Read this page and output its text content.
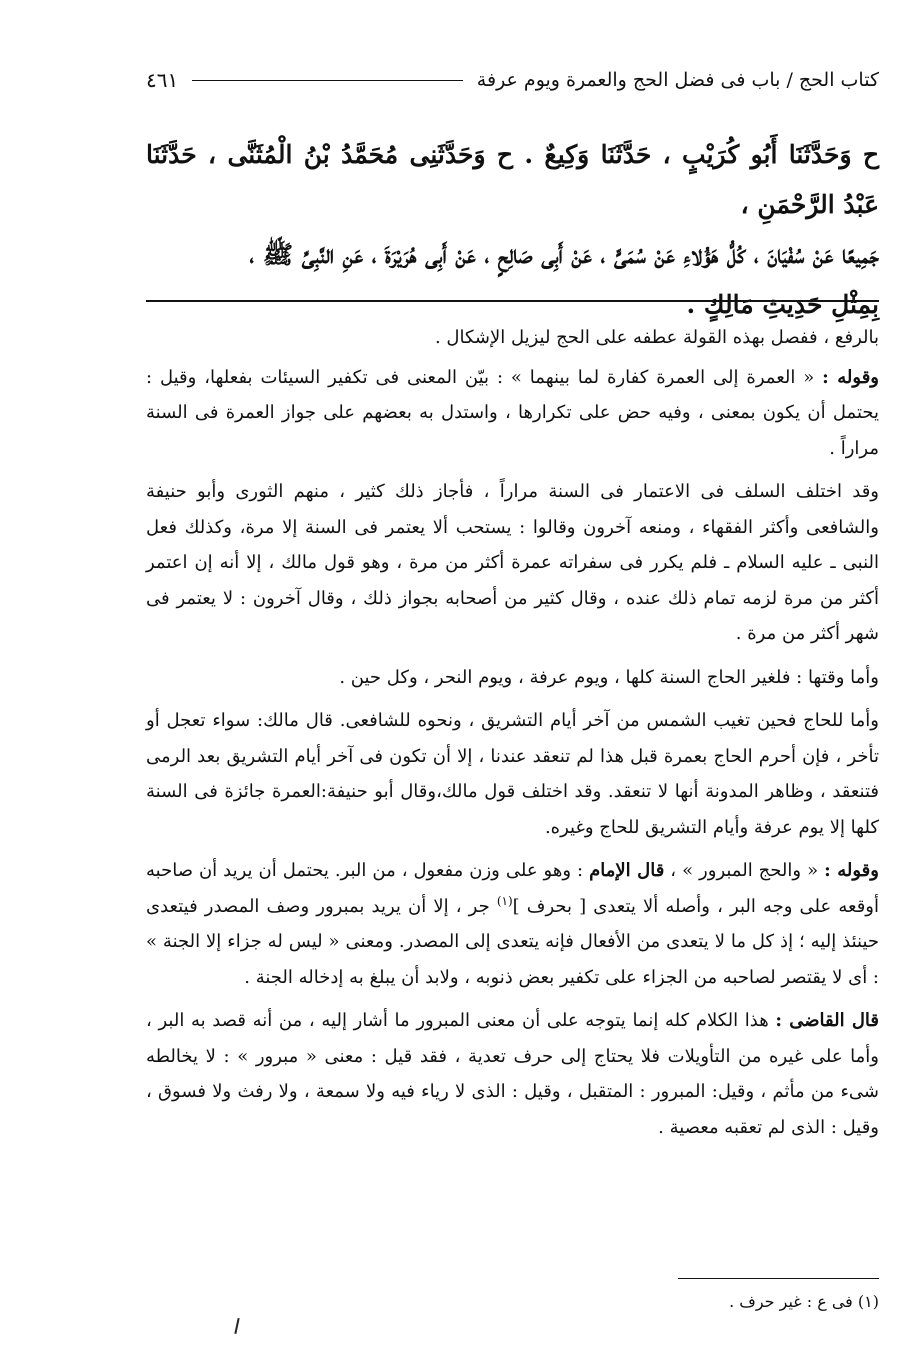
كتاب الحج / باب فى فضل الحج والعمرة ويوم عرفة
٤٦١

ح وَحَدَّثَنَا أَبُو كُرَيْبٍ ، حَدَّثَنَا وَكِيعٌ . ح وَحَدَّثَنِى مُحَمَّدُ بْنُ الْمُثَنَّى ، حَدَّثَنَا عَبْدُ الرَّحْمَنِ ،

جَمِيعًا عَنْ سُفْيَانَ ، كُلُّ هَؤُلاءِ عَنْ سُمَىٍّ ، عَنْ أَبِى صَالِحٍ ، عَنْ أَبِى هُرَيْرَةَ ، عَنِ النَّبِىِّ ﷺ ،

بِمِثْلِ حَدِيثِ مَالِكٍ .

بالرفع ، ففصل بهذه القولة عطفه على الحج ليزيل الإشكال .

وقوله : « العمرة إلى العمرة كفارة لما بينهما » : بيّن المعنى فى تكفير السيئات بفعلها، وقيل : يحتمل أن يكون بمعنى ، وفيه حض على تكرارها ، واستدل به بعضهم على جواز العمرة فى السنة مراراً .

وقد اختلف السلف فى الاعتمار فى السنة مراراً ، فأجاز ذلك كثير ، منهم الثورى وأبو حنيفة والشافعى وأكثر الفقهاء ، ومنعه آخرون وقالوا : يستحب ألا يعتمر فى السنة إلا مرة، وكذلك فعل النبى ـ عليه السلام ـ فلم يكرر فى سفراته عمرة أكثر من مرة ، وهو قول مالك ، إلا أنه إن اعتمر أكثر من مرة لزمه تمام ذلك عنده ، وقال كثير من أصحابه بجواز ذلك ، وقال آخرون : لا يعتمر فى شهر أكثر من مرة .

وأما وقتها : فلغير الحاج السنة كلها ، ويوم عرفة ، ويوم النحر ، وكل حين .

وأما للحاج فحين تغيب الشمس من آخر أيام التشريق ، ونحوه للشافعى. قال مالك: سواء تعجل أو تأخر ، فإن أحرم الحاج بعمرة قبل هذا لم تنعقد عندنا ، إلا أن تكون فى آخر أيام التشريق بعد الرمى فتنعقد ، وظاهر المدونة أنها لا تنعقد. وقد اختلف قول مالك،وقال أبو حنيفة:العمرة جائزة فى السنة كلها إلا يوم عرفة وأيام التشريق للحاج وغيره.

وقوله : « والحج المبرور » ، قال الإمام : وهو على وزن مفعول ، من البر. يحتمل أن يريد أن صاحبه أوقعه على وجه البر ، وأصله ألا يتعدى [ بحرف ]$^{(١)}$ جر ، إلا أن يريد بمبرور وصف المصدر فيتعدى حينئذ إليه ؛ إذ كل ما لا يتعدى من الأفعال فإنه يتعدى إلى المصدر. ومعنى « ليس له جزاء إلا الجنة » : أى لا يقتصر لصاحبه من الجزاء على تكفير بعض ذنوبه ، ولابد أن يبلغ به إدخاله الجنة .

قال القاضى : هذا الكلام كله إنما يتوجه على أن معنى المبرور ما أشار إليه ، من أنه قصد به البر ، وأما على غيره من التأويلات فلا يحتاج إلى حرف تعدية ، فقد قيل : معنى « مبرور » : لا يخالطه شىء من مأثم ، وقيل: المبرور : المتقبل ، وقيل : الذى لا رياء فيه ولا سمعة ، ولا رفث ولا فسوق ، وقيل : الذى لم تعقبه معصية .

(١) فى ع : غير حرف .
